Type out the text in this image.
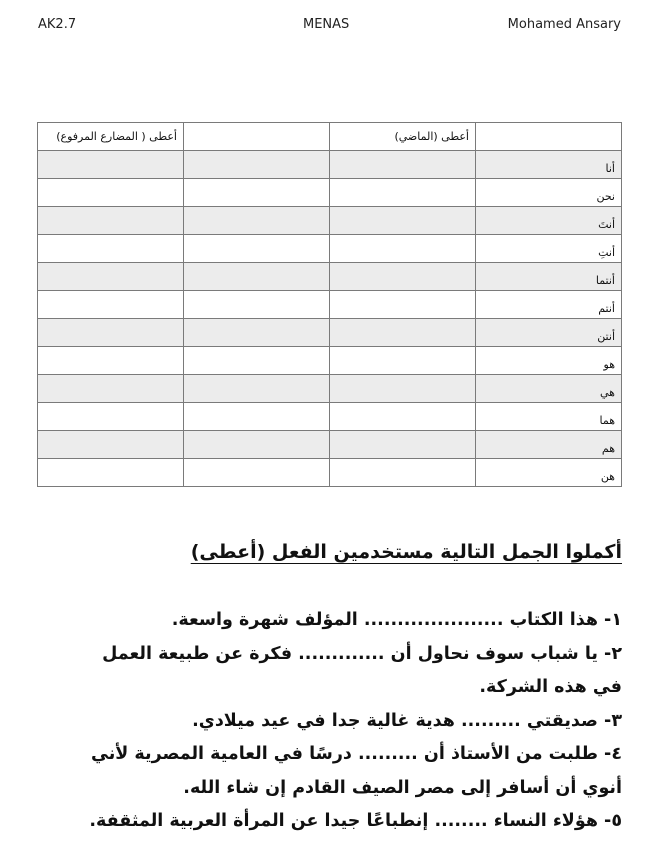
AK2.7	MENAS	Mohamed Ansary
	أعطى (الماضي)		أعطى ( المضارع المرفوع)
أنا			
نحن			
أنتَ			
أنتِ			
أنتما			
أنتم			
أنتن			
هو			
هي			
هما			
هم			
هن			
أكملوا الجمل التالية مستخدمين الفعل (أعطى)
١- هذا الكتاب ..................... المؤلف شهرة واسعة.
٢- يا شباب سوف نحاول أن ............. فكرة عن طبيعة العمل
في هذه الشركة.
٣- صديقتي ......... هدية غالية جدا في عيد ميلادي.
٤- طلبت من الأستاذ أن ......... درسًا في العامية المصرية لأني
أنوي أن أسافر إلى مصر الصيف القادم إن شاء الله.
٥- هؤلاء النساء ........ إنطباعًا جيدا عن المرأة العربية المثقفة.
